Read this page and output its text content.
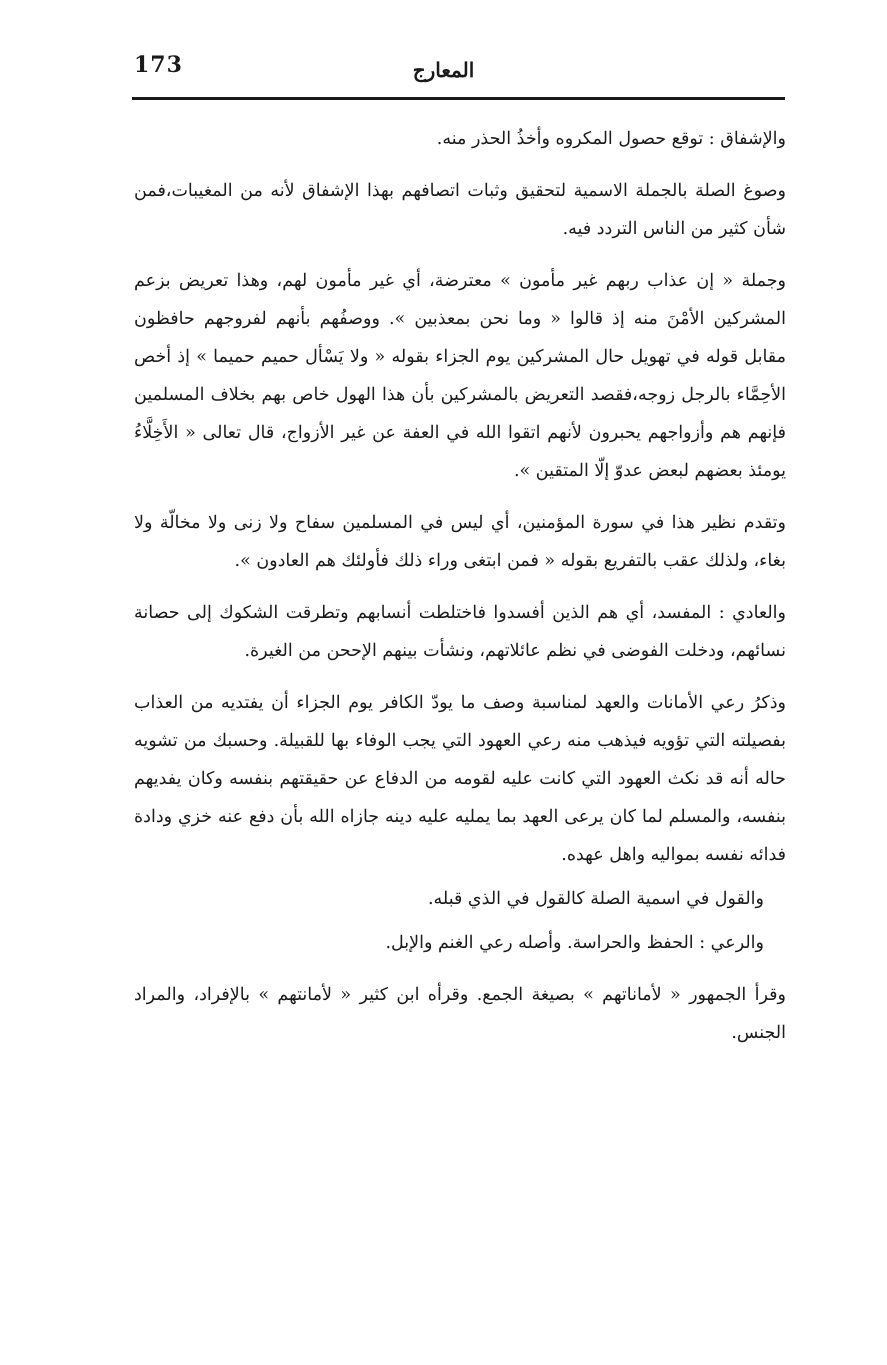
173	المعارج

والإشفاق : توقع حصول المكروه وأخذُ الحذر منه.

وصوغ الصلة بالجملة الاسمية لتحقيق وثبات اتصافهم بهذا الإشفاق لأنه من المغيبات،فمن شأن كثير من الناس التردد فيه.

وجملة « إن عذاب ربهم غير مأمون » معترضة، أي غير مأمون لهم، وهذا تعريض بزعم المشركين الأمْنَ منه إذ قالوا « وما نحن بمعذبين ». ووصفُهم بأنهم لفروجهم حافظون مقابل قوله في تهويل حال المشركين يوم الجزاء بقوله « ولا يَسْأل حميم حميما » إذ أخص الأحِمَّاء بالرجل زوجه،فقصد التعريض بالمشركين بأن هذا الهول خاص بهم بخلاف المسلمين فإنهم هم وأزواجهم يحبرون لأنهم اتقوا الله في العفة عن غير الأزواج، قال تعالى « الأَخِلَّاءُ يومئذ بعضهم لبعض عدوّ إلّا المتقين ».

وتقدم نظير هذا في سورة المؤمنين، أي ليس في المسلمين سفاح ولا زنى ولا مخالّة ولا بغاء، ولذلك عقب بالتفريع بقوله « فمن ابتغى وراء ذلك فأولئك هم العادون ».

والعادي : المفسد، أي هم الذين أفسدوا فاختلطت أنسابهم وتطرقت الشكوك إلى حصانة نسائهم، ودخلت الفوضى في نظم عائلاتهم، ونشأت بينهم الإححن من الغيرة.

وذكرُ رعي الأمانات والعهد لمناسبة وصف ما يودّ الكافر يوم الجزاء أن يفتديه من العذاب بفصيلته التي تؤويه فيذهب منه رعي العهود التي يجب الوفاء بها للقبيلة. وحسبك من تشويه حاله أنه قد نكث العهود التي كانت عليه لقومه من الدفاع عن حقيقتهم بنفسه وكان يفديهم بنفسه، والمسلم لما كان يرعى العهد بما يمليه عليه دينه جازاه الله بأن دفع عنه خزي ودادة فدائه نفسه بمواليه واهل عهده.

والقول في اسمية الصلة كالقول في الذي قبله.

والرعي : الحفظ والحراسة. وأصله رعي الغنم والإبل.

وقرأ الجمهور « لأماناتهم » بصيغة الجمع. وقرأه ابن كثير « لأمانتهم » بالإفراد، والمراد الجنس.
